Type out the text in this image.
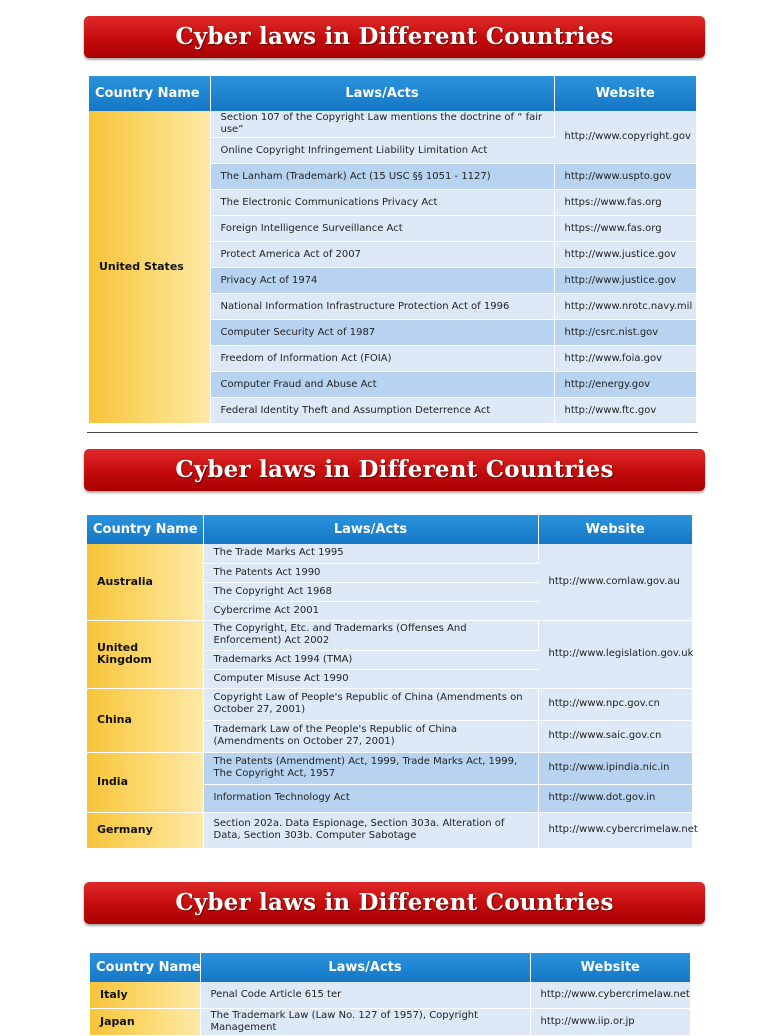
Cyber laws in Different Countries
Country Name	Laws/Acts	Website
United States	Section 107 of the Copyright Law mentions the doctrine of “ fair use”	http://www.copyright.gov
	Online Copyright Infringement Liability Limitation Act	
	The Lanham (Trademark) Act (15 USC §§ 1051 - 1127)	http://www.uspto.gov
	The Electronic Communications Privacy Act	https://www.fas.org
	Foreign Intelligence Surveillance Act	https://www.fas.org
	Protect America Act of 2007	http://www.justice.gov
	Privacy Act of 1974	http://www.justice.gov
	National Information Infrastructure Protection Act of 1996	http://www.nrotc.navy.mil
	Computer Security Act of 1987	http://csrc.nist.gov
	Freedom of Information Act (FOIA)	http://www.foia.gov
	Computer Fraud and Abuse Act	http://energy.gov
	Federal Identity Theft and Assumption Deterrence Act	http://www.ftc.gov
Cyber laws in Different Countries
Country Name	Laws/Acts	Website
Australia	The Trade Marks Act 1995	http://www.comlaw.gov.au
	The Patents Act 1990	
	The Copyright Act 1968	
	Cybercrime Act 2001	
United Kingdom	The Copyright, Etc. and Trademarks (Offenses And Enforcement) Act 2002	http://www.legislation.gov.uk
	Trademarks Act 1994 (TMA)	
	Computer Misuse Act 1990	
China	Copyright Law of People's Republic of China (Amendments on October 27, 2001)	http://www.npc.gov.cn
	Trademark Law of the People's Republic of China (Amendments on October 27, 2001)	http://www.saic.gov.cn
India	The Patents (Amendment) Act, 1999, Trade Marks Act, 1999, The Copyright Act, 1957	http://www.ipindia.nic.in
	Information Technology Act	http://www.dot.gov.in
Germany	Section 202a. Data Espionage, Section 303a. Alteration of Data, Section 303b. Computer Sabotage	http://www.cybercrimelaw.net
Cyber laws in Different Countries
Country Name	Laws/Acts	Website
Italy	Penal Code Article 615 ter	http://www.cybercrimelaw.net
Japan	The Trademark Law (Law No. 127 of 1957), Copyright Management	http://www.iip.or.jp
